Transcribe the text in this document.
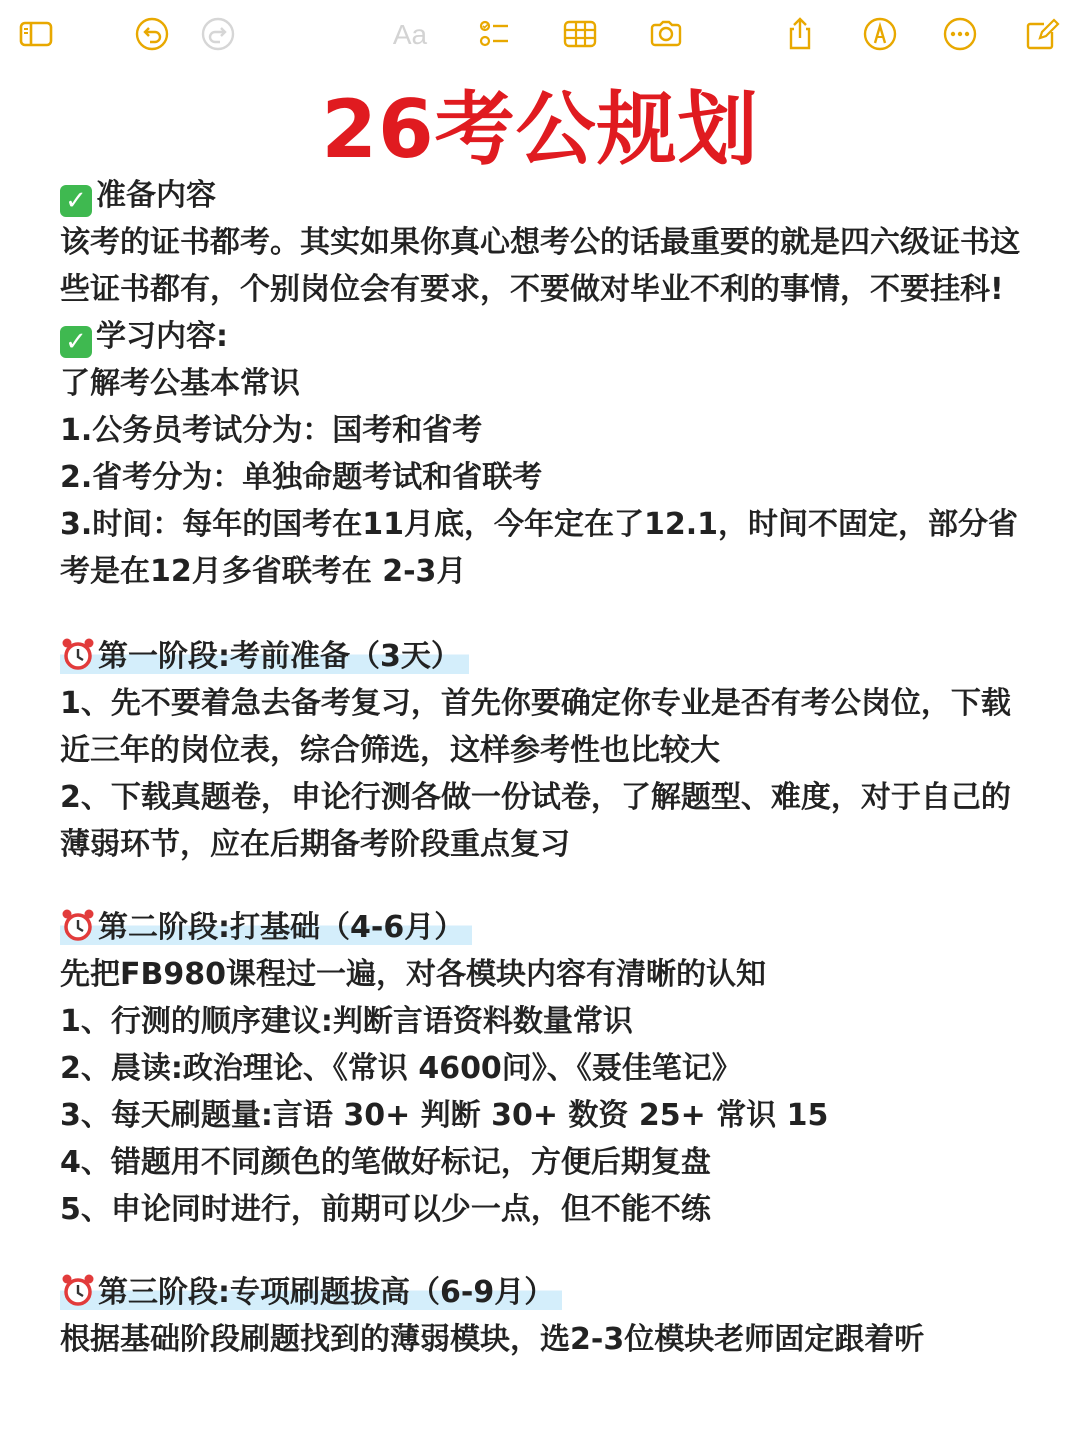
Aa
26考公规划

✓ 准备内容

该考的证书都考。其实如果你真心想考公的话最重要的就是四六级证书这些证书都有，个别岗位会有要求，不要做对毕业不利的事情，不要挂科!

✓ 学习内容:

了解考公基本常识

1.公务员考试分为：国考和省考

2.省考分为：单独命题考试和省联考

3.时间：每年的国考在11月底，今年定在了12.1，时间不固定，部分省考是在12月多省联考在 2-3月

第一阶段:考前准备（3天）

1、先不要着急去备考复习，首先你要确定你专业是否有考公岗位，下载近三年的岗位表，综合筛选，这样参考性也比较大

2、下载真题卷，申论行测各做一份试卷，了解题型、难度，对于自己的薄弱环节，应在后期备考阶段重点复习

第二阶段:打基础（4-6月）

先把FB980课程过一遍，对各模块内容有清晰的认知

1、行测的顺序建议:判断言语资料数量常识

2、晨读:政治理论、《常识 4600问》、《聂佳笔记》

3、每天刷题量:言语 30+ 判断 30+ 数资 25+ 常识 15

4、错题用不同颜色的笔做好标记，方便后期复盘

5、申论同时进行，前期可以少一点，但不能不练

第三阶段:专项刷题拔高（6-9月）

根据基础阶段刷题找到的薄弱模块，选2-3位模块老师固定跟着听
